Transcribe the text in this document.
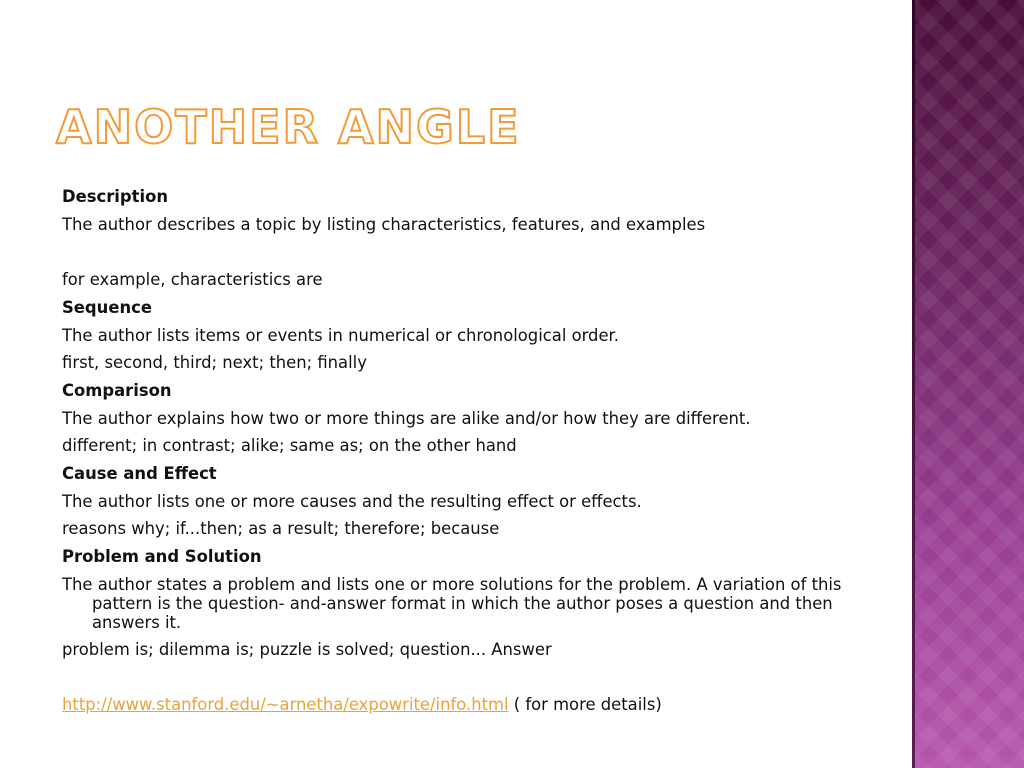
ANOTHER ANGLE

Description

The author describes a topic by listing characteristics, features, and examples

for example, characteristics are

Sequence

The author lists items or events in numerical or chronological order.

first, second, third; next; then; finally

Comparison

The author explains how two or more things are alike and/or how they are different.

different; in contrast; alike; same as; on the other hand

Cause and Effect

The author lists one or more causes and the resulting effect or effects.

reasons why; if...then; as a result; therefore; because

Problem and Solution

The author states a problem and lists one or more solutions for the problem. A variation of this pattern is the question- and-answer format in which the author poses a question and then answers it.

problem is; dilemma is; puzzle is solved; question... Answer

http://www.stanford.edu/~arnetha/expowrite/info.html ( for more details)
